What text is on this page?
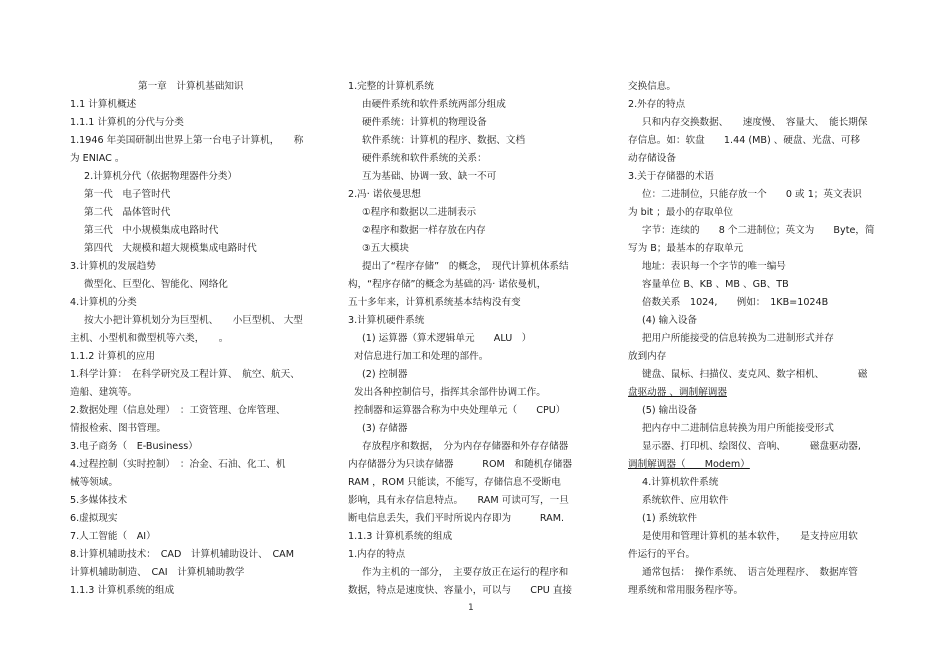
第一章　计算机基础知识

1.1 计算机概述

1.1.1 计算机的分代与分类

1.1946 年美国研制出世界上第一台电子计算机，　　称

为 ENIAC 。

2.计算机分代（依据物理器件分类）

第一代　电子管时代

第二代　晶体管时代

第三代　中小规模集成电路时代

第四代　大规模和超大规模集成电路时代

3.计算机的发展趋势

微型化、巨型化、智能化、网络化

4.计算机的分类

按大小把计算机划分为巨型机、　　小巨型机、 大型

主机、小型机和微型机等六类，　　。

1.1.2 计算机的应用

1.科学计算：　在科学研究及工程计算、　航空、航天、

造船、建筑等。

2.数据处理（信息处理）　：工资管理、仓库管理、

情报检索、图书管理。

3.电子商务（　E-Business）

4.过程控制（实时控制）　：冶金、石油、化工、机

械等领域。

5.多媒体技术

6.虚拟现实

7.人工智能（　AI）

8.计算机辅助技术：　CAD　计算机辅助设计、　CAM

计算机辅助制造、　CAI　计算机辅助教学

1.1.3 计算机系统的组成

1.完整的计算机系统

由硬件系统和软件系统两部分组成

硬件系统：计算机的物理设备

软件系统：计算机的程序、数据、文档

硬件系统和软件系统的关系：

互为基础、协调一致、缺一不可

2.冯· 诺依曼思想

①程序和数据以二进制表示

②程序和数据一样存放在内存

③五大模块

提出了“程序存储”　的概念，　现代计算机体系结

构，“程序存储”的概念为基础的冯· 诺依曼机，

五十多年来，计算机系统基本结构没有变

3.计算机硬件系统

(1) 运算器（算术逻辑单元　　ALU　）

对信息进行加工和处理的部件。

(2) 控制器

发出各种控制信号，指挥其余部件协调工作。

控制器和运算器合称为中央处理单元（　　CPU）

(3) 存储器

存放程序和数据，　分为内存存储器和外存存储器

内存储器分为只读存储器　　　ROM　和随机存储器

RAM ，ROM 只能读，不能写，存储信息不受断电

影响，具有永存信息特点。　　RAM 可读可写，一旦

断电信息丢失，我们平时所说内存即为　　　RAM.

1.1.3 计算机系统的组成

1.内存的特点

作为主机的一部分，　主要存放正在运行的程序和

数据，特点是速度快、容量小，可以与　　CPU 直接

交换信息。

2.外存的特点

只和内存交换数据、　　速度慢、　容量大、　能长期保

存信息。如：软盘　　1.44 (MB) 、硬盘、光盘、可移

动存储设备

3.关于存储器的术语

位：二进制位，只能存放一个　　0 或 1；英文表识

为 bit ；最小的存取单位

字节：连续的　　8 个二进制位；英文为　　Byte，简

写为 B；最基本的存取单元

地址：表识每一个字节的唯一编号

容量单位 B、KB 、MB 、GB、TB

倍数关系　1024,　　例如：　1KB=1024B

(4) 输入设备

把用户所能接受的信息转换为二进制形式并存

放到内存

键盘、鼠标、扫描仪、麦克风、数字相机、　　　　磁

盘驱动器 、调制解调器

(5) 输出设备

把内存中二进制信息转换为用户所能接受形式

显示器、打印机、绘图仪、音响、　　　磁盘驱动器,

调制解调器（　　Modem）

4.计算机软件系统

系统软件、应用软件

(1) 系统软件

是使用和管理计算机的基本软件，　　是支持应用软

件运行的平台。

通常包括：　操作系统、　语言处理程序、　数据库管

理系统和常用服务程序等。

1
